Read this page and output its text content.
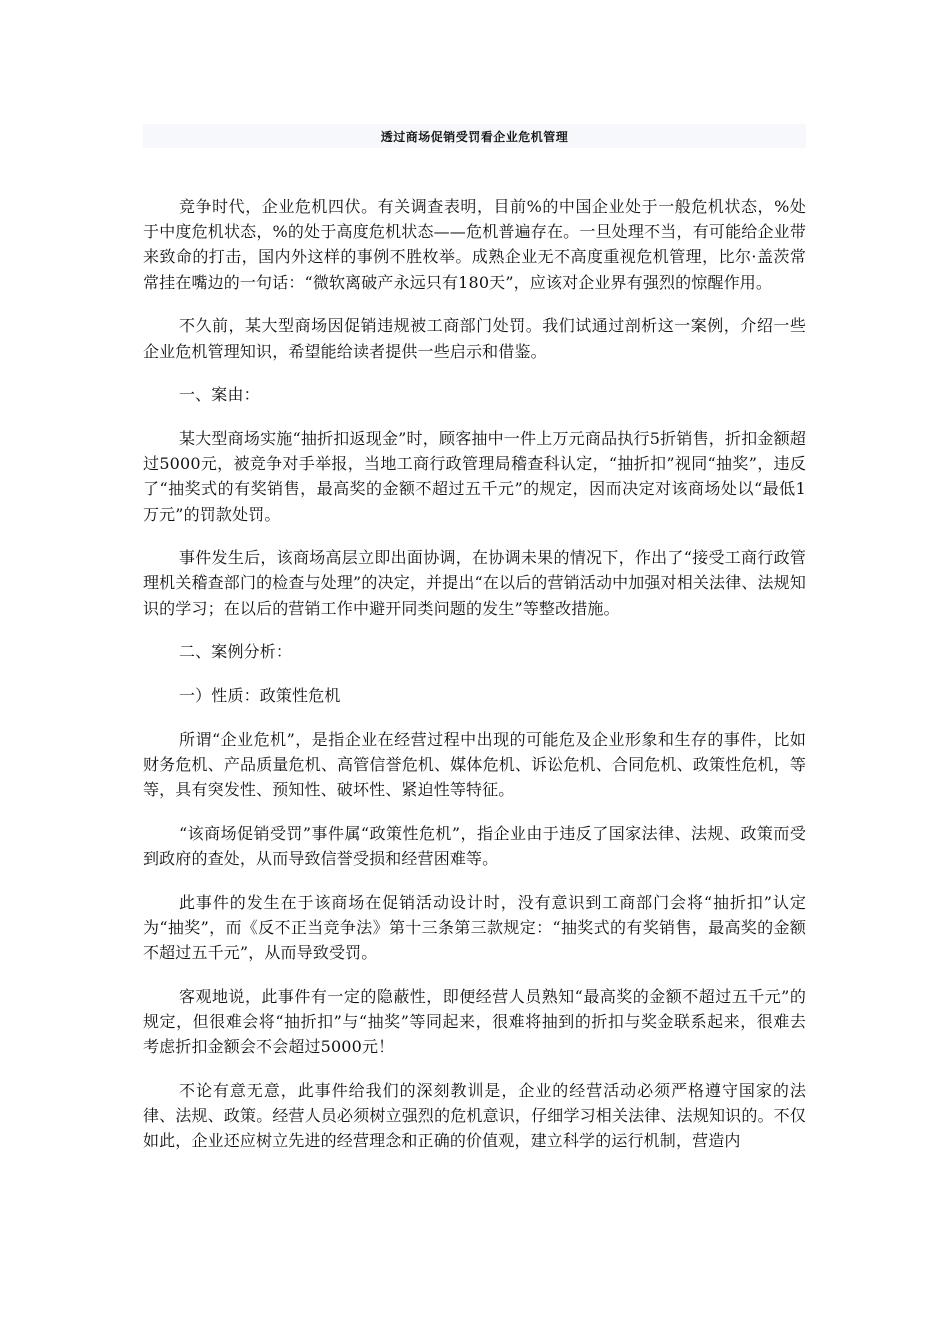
透过商场促销受罚看企业危机管理

竞争时代，企业危机四伏。有关调查表明，目前%的中国企业处于一般危机状态，%处于中度危机状态，%的处于高度危机状态——危机普遍存在。一旦处理不当，有可能给企业带来致命的打击，国内外这样的事例不胜枚举。成熟企业无不高度重视危机管理，比尔·盖茨常常挂在嘴边的一句话：“微软离破产永远只有180天”，应该对企业界有强烈的惊醒作用。

不久前，某大型商场因促销违规被工商部门处罚。我们试通过剖析这一案例，介绍一些企业危机管理知识，希望能给读者提供一些启示和借鉴。

一、案由：

某大型商场实施“抽折扣返现金”时，顾客抽中一件上万元商品执行5折销售，折扣金额超过5000元，被竞争对手举报，当地工商行政管理局稽查科认定，“抽折扣”视同“抽奖”，违反了“抽奖式的有奖销售，最高奖的金额不超过五千元”的规定，因而决定对该商场处以“最低1万元”的罚款处罚。

事件发生后，该商场高层立即出面协调，在协调未果的情况下，作出了“接受工商行政管理机关稽查部门的检查与处理”的决定，并提出“在以后的营销活动中加强对相关法律、法规知识的学习；在以后的营销工作中避开同类问题的发生”等整改措施。

二、案例分析：

一）性质：政策性危机

所谓“企业危机”，是指企业在经营过程中出现的可能危及企业形象和生存的事件，比如财务危机、产品质量危机、高管信誉危机、媒体危机、诉讼危机、合同危机、政策性危机，等等，具有突发性、预知性、破坏性、紧迫性等特征。

“该商场促销受罚”事件属“政策性危机”，指企业由于违反了国家法律、法规、政策而受到政府的查处，从而导致信誉受损和经营困难等。

此事件的发生在于该商场在促销活动设计时，没有意识到工商部门会将“抽折扣”认定为“抽奖”，而《反不正当竞争法》第十三条第三款规定：“抽奖式的有奖销售，最高奖的金额不超过五千元”，从而导致受罚。

客观地说，此事件有一定的隐蔽性，即便经营人员熟知“最高奖的金额不超过五千元”的规定，但很难会将“抽折扣”与“抽奖”等同起来，很难将抽到的折扣与奖金联系起来，很难去考虑折扣金额会不会超过5000元！

不论有意无意，此事件给我们的深刻教训是，企业的经营活动必须严格遵守国家的法律、法规、政策。经营人员必须树立强烈的危机意识，仔细学习相关法律、法规知识的。不仅如此，企业还应树立先进的经营理念和正确的价值观，建立科学的运行机制，营造内
